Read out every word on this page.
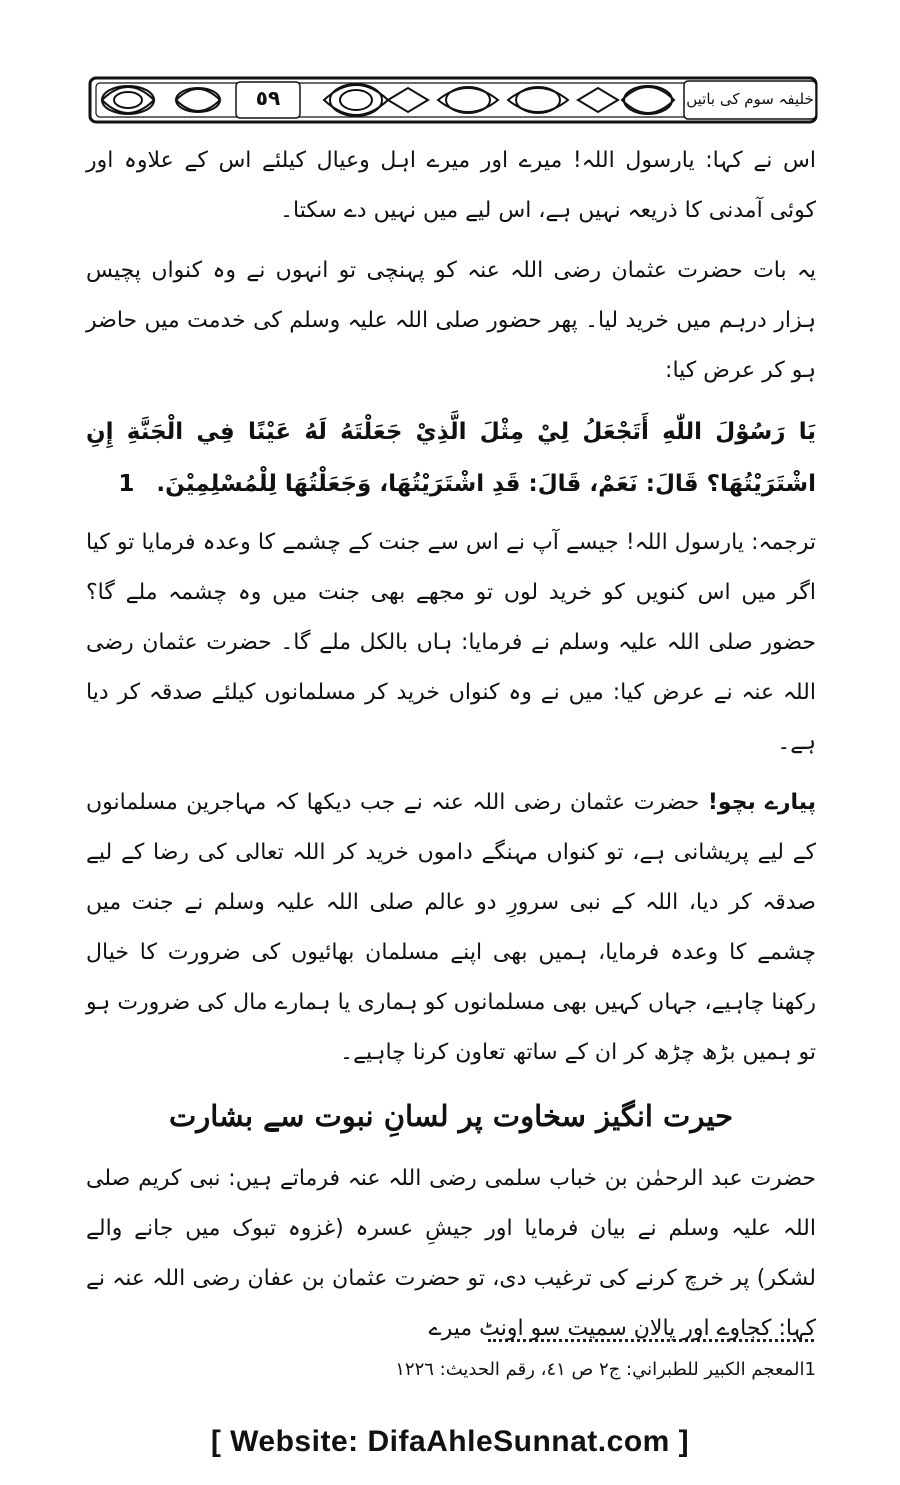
٥٩	خلیفہ سوم کی باتیں

اس نے کہا: یارسول اللہ! میرے اور میرے اہل وعیال کیلئے اس کے علاوہ اور کوئی آمدنی کا ذریعہ نہیں ہے، اس لیے میں نہیں دے سکتا۔

یہ بات حضرت عثمان رضی اللہ عنہ کو پہنچی تو انہوں نے وہ کنواں پچیس ہزار درہم میں خرید لیا۔ پھر حضور صلی اللہ علیہ وسلم کی خدمت میں حاضر ہو کر عرض کیا:

يَا رَسُوْلَ اللّٰهِ أَتَجْعَلُ لِيْ مِثْلَ الَّذِيْ جَعَلْتَهُ لَهُ عَيْنًا فِي الْجَنَّةِ إِنِ اشْتَرَيْتُهَا؟ قَالَ: نَعَمْ، قَالَ: قَدِ اشْتَرَيْتُهَا، وَجَعَلْتُهَا لِلْمُسْلِمِيْنَ. 1

ترجمہ: یارسول اللہ! جیسے آپ نے اس سے جنت کے چشمے کا وعدہ فرمایا تو کیا اگر میں اس کنویں کو خرید لوں تو مجھے بھی جنت میں وہ چشمہ ملے گا؟ حضور صلی اللہ علیہ وسلم نے فرمایا: ہاں بالکل ملے گا۔ حضرت عثمان رضی اللہ عنہ نے عرض کیا: میں نے وہ کنواں خرید کر مسلمانوں کیلئے صدقہ کر دیا ہے۔

پیارے بچو! حضرت عثمان رضی اللہ عنہ نے جب دیکھا کہ مہاجرین مسلمانوں کے لیے پریشانی ہے، تو کنواں مہنگے داموں خرید کر اللہ تعالی کی رضا کے لیے صدقہ کر دیا، اللہ کے نبی سرورِ دو عالم صلی اللہ علیہ وسلم نے جنت میں چشمے کا وعدہ فرمایا، ہمیں بھی اپنے مسلمان بھائیوں کی ضرورت کا خیال رکھنا چاہیے، جہاں کہیں بھی مسلمانوں کو ہماری یا ہمارے مال کی ضرورت ہو تو ہمیں بڑھ چڑھ کر ان کے ساتھ تعاون کرنا چاہیے۔

حیرت انگیز سخاوت پر لسانِ نبوت سے بشارت

حضرت عبد الرحمٰن بن خباب سلمی رضی اللہ عنہ فرماتے ہیں: نبی کریم صلی اللہ علیہ وسلم نے بیان فرمایا اور جیشِ عسرہ (غزوہ تبوک میں جانے والے لشکر) پر خرچ کرنے کی ترغیب دی، تو حضرت عثمان بن عفان رضی اللہ عنہ نے کہا: کجاوے اور پالان سمیت سو اونٹ میرے

1المعجم الكبير للطبراني: ج٢ ص ٤١، رقم الحديث: ١٢٢٦
[ Website: DifaAhleSunnat.com ]
